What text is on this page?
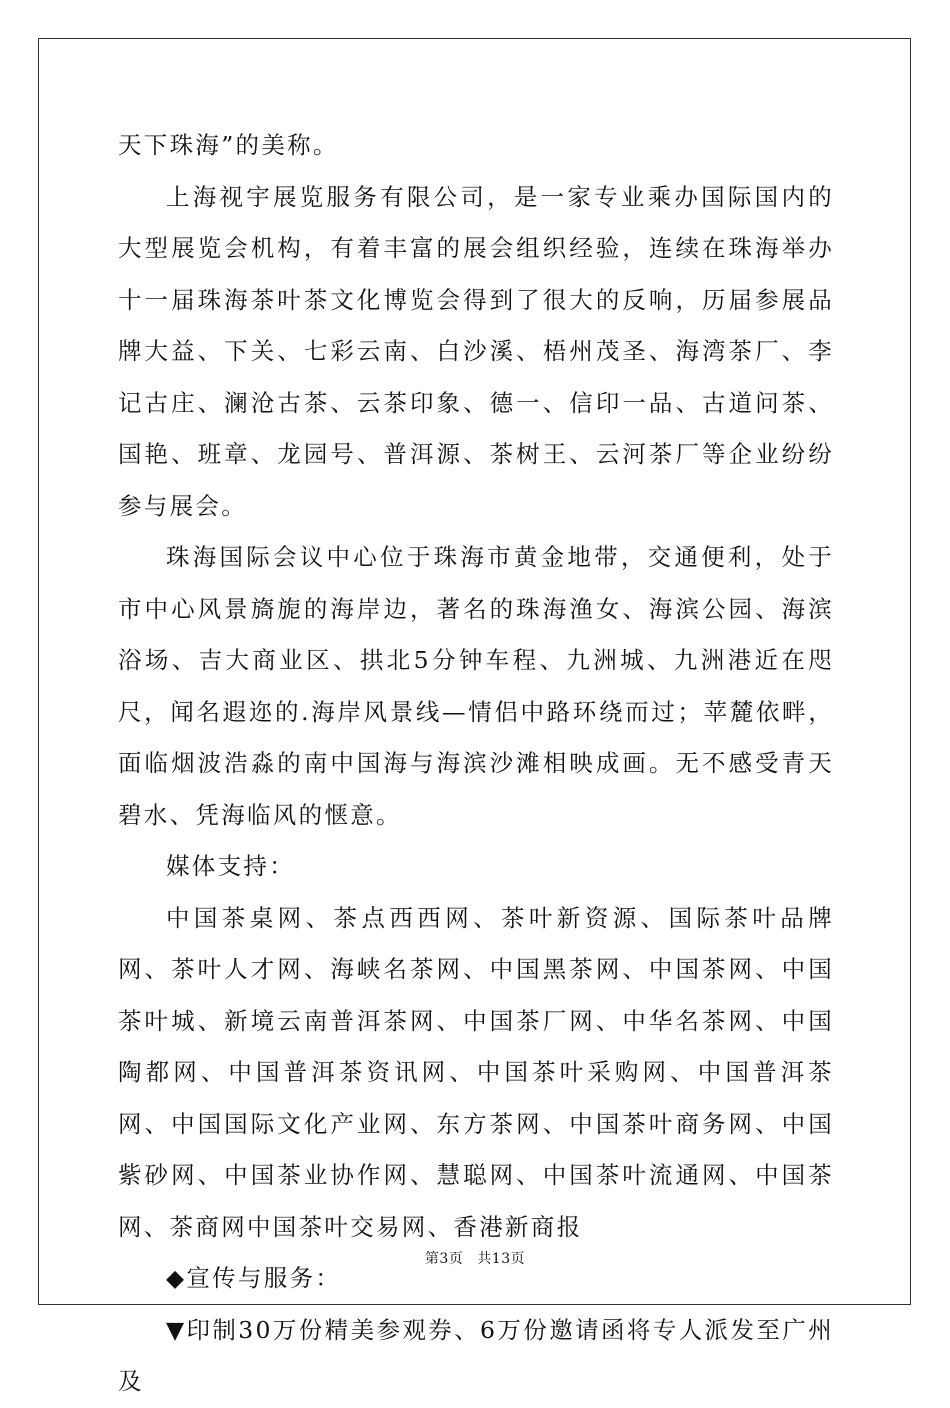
天下珠海”的美称。

上海视宇展览服务有限公司，是一家专业乘办国际国内的大型展览会机构，有着丰富的展会组织经验，连续在珠海举办十一届珠海茶叶茶文化博览会得到了很大的反响，历届参展品牌大益、下关、七彩云南、白沙溪、梧州茂圣、海湾茶厂、李记古庄、澜沧古茶、云茶印象、德一、信印一品、古道问茶、国艳、班章、龙园号、普洱源、茶树王、云河茶厂等企业纷纷参与展会。

珠海国际会议中心位于珠海市黄金地带，交通便利，处于市中心风景旖旎的海岸边，著名的珠海渔女、海滨公园、海滨浴场、吉大商业区、拱北5分钟车程、九洲城、九洲港近在咫尺，闻名遐迩的.海岸风景线—情侣中路环绕而过；苹麓依畔，面临烟波浩淼的南中国海与海滨沙滩相映成画。无不感受青天碧水、凭海临风的惬意。

媒体支持：

中国茶桌网、茶点西西网、茶叶新资源、国际茶叶品牌网、茶叶人才网、海峡名茶网、中国黑茶网、中国茶网、中国茶叶城、新境云南普洱茶网、中国茶厂网、中华名茶网、中国陶都网、中国普洱茶资讯网、中国茶叶采购网、中国普洱茶网、中国国际文化产业网、东方茶网、中国茶叶商务网、中国紫砂网、中国茶业协作网、慧聪网、中国茶叶流通网、中国茶网、茶商网中国茶叶交易网、香港新商报

◆宣传与服务：

▼印制30万份精美参观券、6万份邀请函将专人派发至广州及

第3页 共13页
